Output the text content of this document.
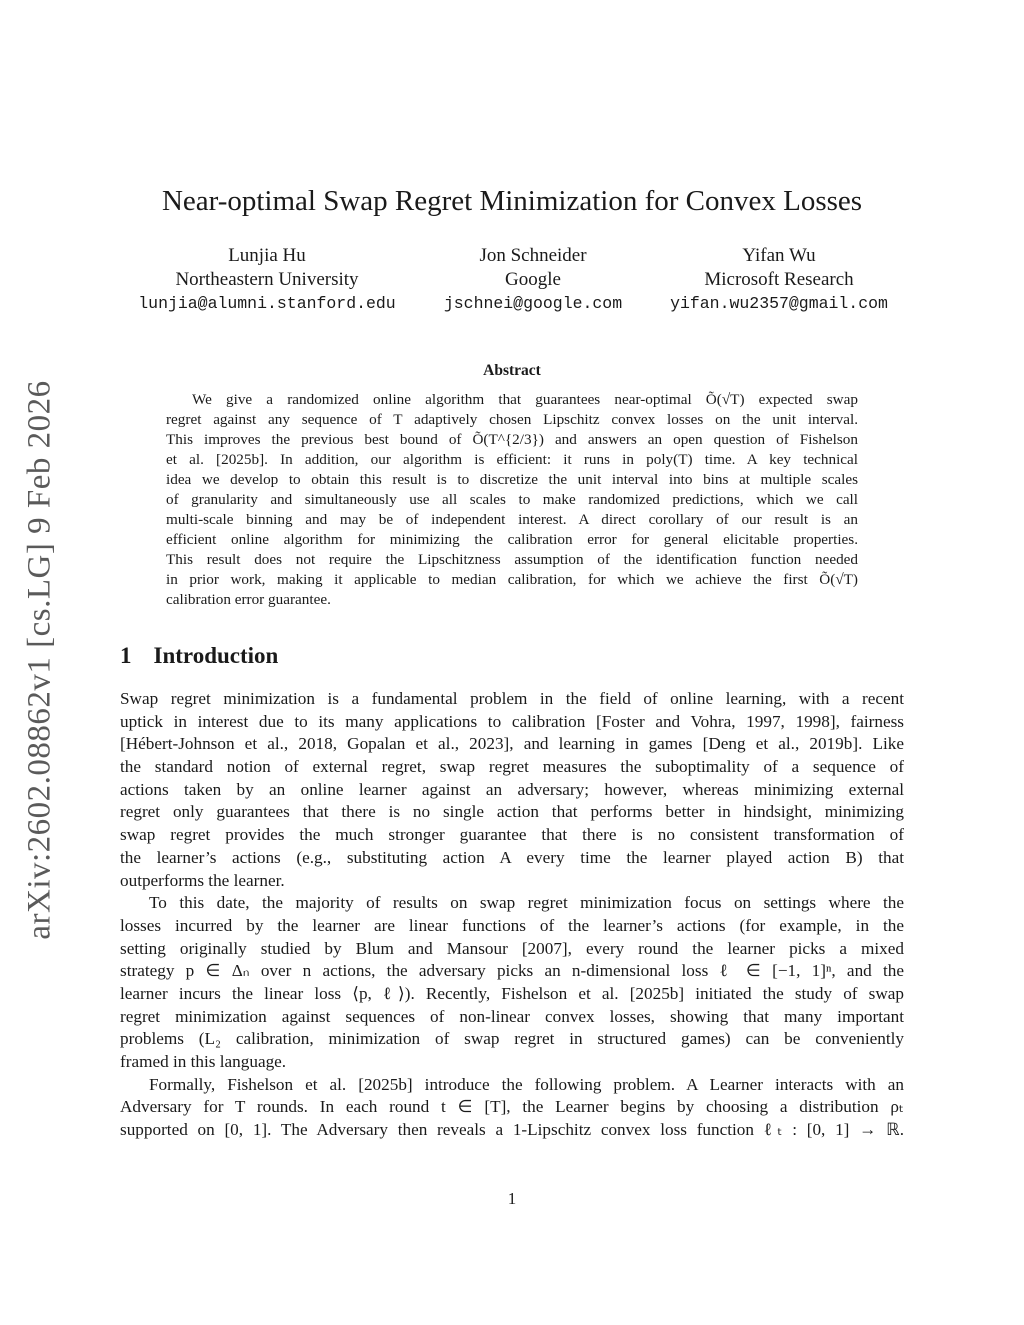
arXiv:2602.08862v1 [cs.LG] 9 Feb 2026
Near-optimal Swap Regret Minimization for Convex Losses
Lunjia Hu
Northeastern University
lunjia@alumni.stanford.edu
Jon Schneider
Google
jschnei@google.com
Yifan Wu
Microsoft Research
yifan.wu2357@gmail.com
Abstract
We give a randomized online algorithm that guarantees near-optimal Õ(√T) expected swap
regret against any sequence of T adaptively chosen Lipschitz convex losses on the unit interval.
This improves the previous best bound of Õ(T^{2/3}) and answers an open question of Fishelson
et al. [2025b]. In addition, our algorithm is efficient: it runs in poly(T) time. A key technical
idea we develop to obtain this result is to discretize the unit interval into bins at multiple scales
of granularity and simultaneously use all scales to make randomized predictions, which we call
multi-scale binning and may be of independent interest. A direct corollary of our result is an
efficient online algorithm for minimizing the calibration error for general elicitable properties.
This result does not require the Lipschitzness assumption of the identification function needed
in prior work, making it applicable to median calibration, for which we achieve the first Õ(√T)
calibration error guarantee.
1 Introduction
Swap regret minimization is a fundamental problem in the field of online learning, with a recent
uptick in interest due to its many applications to calibration [Foster and Vohra, 1997, 1998], fairness
[Hébert-Johnson et al., 2018, Gopalan et al., 2023], and learning in games [Deng et al., 2019b]. Like
the standard notion of external regret, swap regret measures the suboptimality of a sequence of
actions taken by an online learner against an adversary; however, whereas minimizing external
regret only guarantees that there is no single action that performs better in hindsight, minimizing
swap regret provides the much stronger guarantee that there is no consistent transformation of
the learner’s actions (e.g., substituting action A every time the learner played action B) that
outperforms the learner.
To this date, the majority of results on swap regret minimization focus on settings where the
losses incurred by the learner are linear functions of the learner’s actions (for example, in the
setting originally studied by Blum and Mansour [2007], every round the learner picks a mixed
strategy p ∈ Δₙ over n actions, the adversary picks an n-dimensional loss ℓ ∈ [−1, 1]ⁿ, and the
learner incurs the linear loss ⟨p, ℓ⟩). Recently, Fishelson et al. [2025b] initiated the study of swap
regret minimization against sequences of non-linear convex losses, showing that many important
problems (L₂ calibration, minimization of swap regret in structured games) can be conveniently
framed in this language.
Formally, Fishelson et al. [2025b] introduce the following problem. A Learner interacts with an
Adversary for T rounds. In each round t ∈ [T], the Learner begins by choosing a distribution ρₜ
supported on [0, 1]. The Adversary then reveals a 1-Lipschitz convex loss function ℓₜ : [0, 1] → ℝ.
1
